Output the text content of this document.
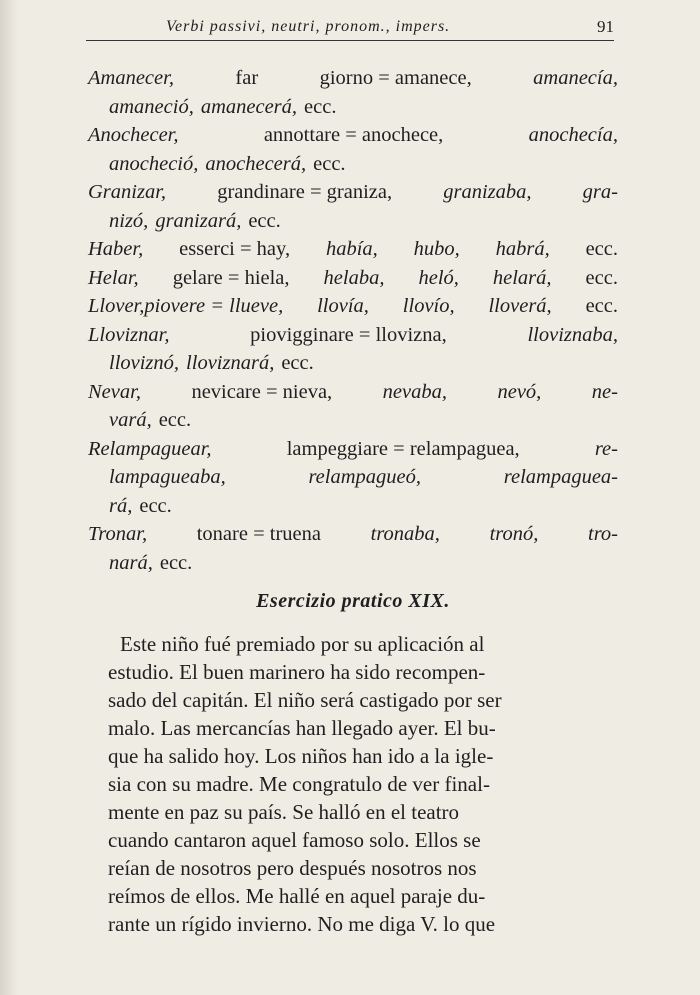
Verbi passivi, neutri, pronom., impers.	91
Amanecer,	far	giorno = amanece,	amanecía,
amaneció, amanecerá, ecc.
Anochecer,	annottare = anochece,	anochecía,
anocheció, anochecerá, ecc.
Granizar, grandinare = graniza, granizaba, gra-
nizó, granizará, ecc.
Haber, esserci = hay, había, hubo, habrá, ecc.
Helar, gelare = hiela, helaba, heló, helará, ecc.
Llover,piovere = llueve, llovía, llovío, lloverá, ecc.
Lloviznar,	piovigginare = llovizna,	lloviznaba,
lloviznó, lloviznará, ecc.
Nevar, nevicare = nieva, nevaba, nevó, ne-
vará, ecc.
Relampaguear,	lampeggiare = relampaguea,	re-
lampagueaba,	relampagueó,	relampaguea-
rá, ecc.
Tronar, tonare = truena tronaba, tronó, tro-
nará, ecc.
Esercizio pratico XIX.
Este niño fué premiado por su aplicación al
estudio. El buen marinero ha sido recompen-
sado del capitán. El niño será castigado por ser
malo. Las mercancías han llegado ayer. El bu-
que ha salido hoy. Los niños han ido a la igle-
sia con su madre. Me congratulo de ver final-
mente en paz su país. Se halló en el teatro
cuando cantaron aquel famoso solo. Ellos se
reían de nosotros pero después nosotros nos
reímos de ellos. Me hallé en aquel paraje du-
rante un rígido invierno. No me diga V. lo que
